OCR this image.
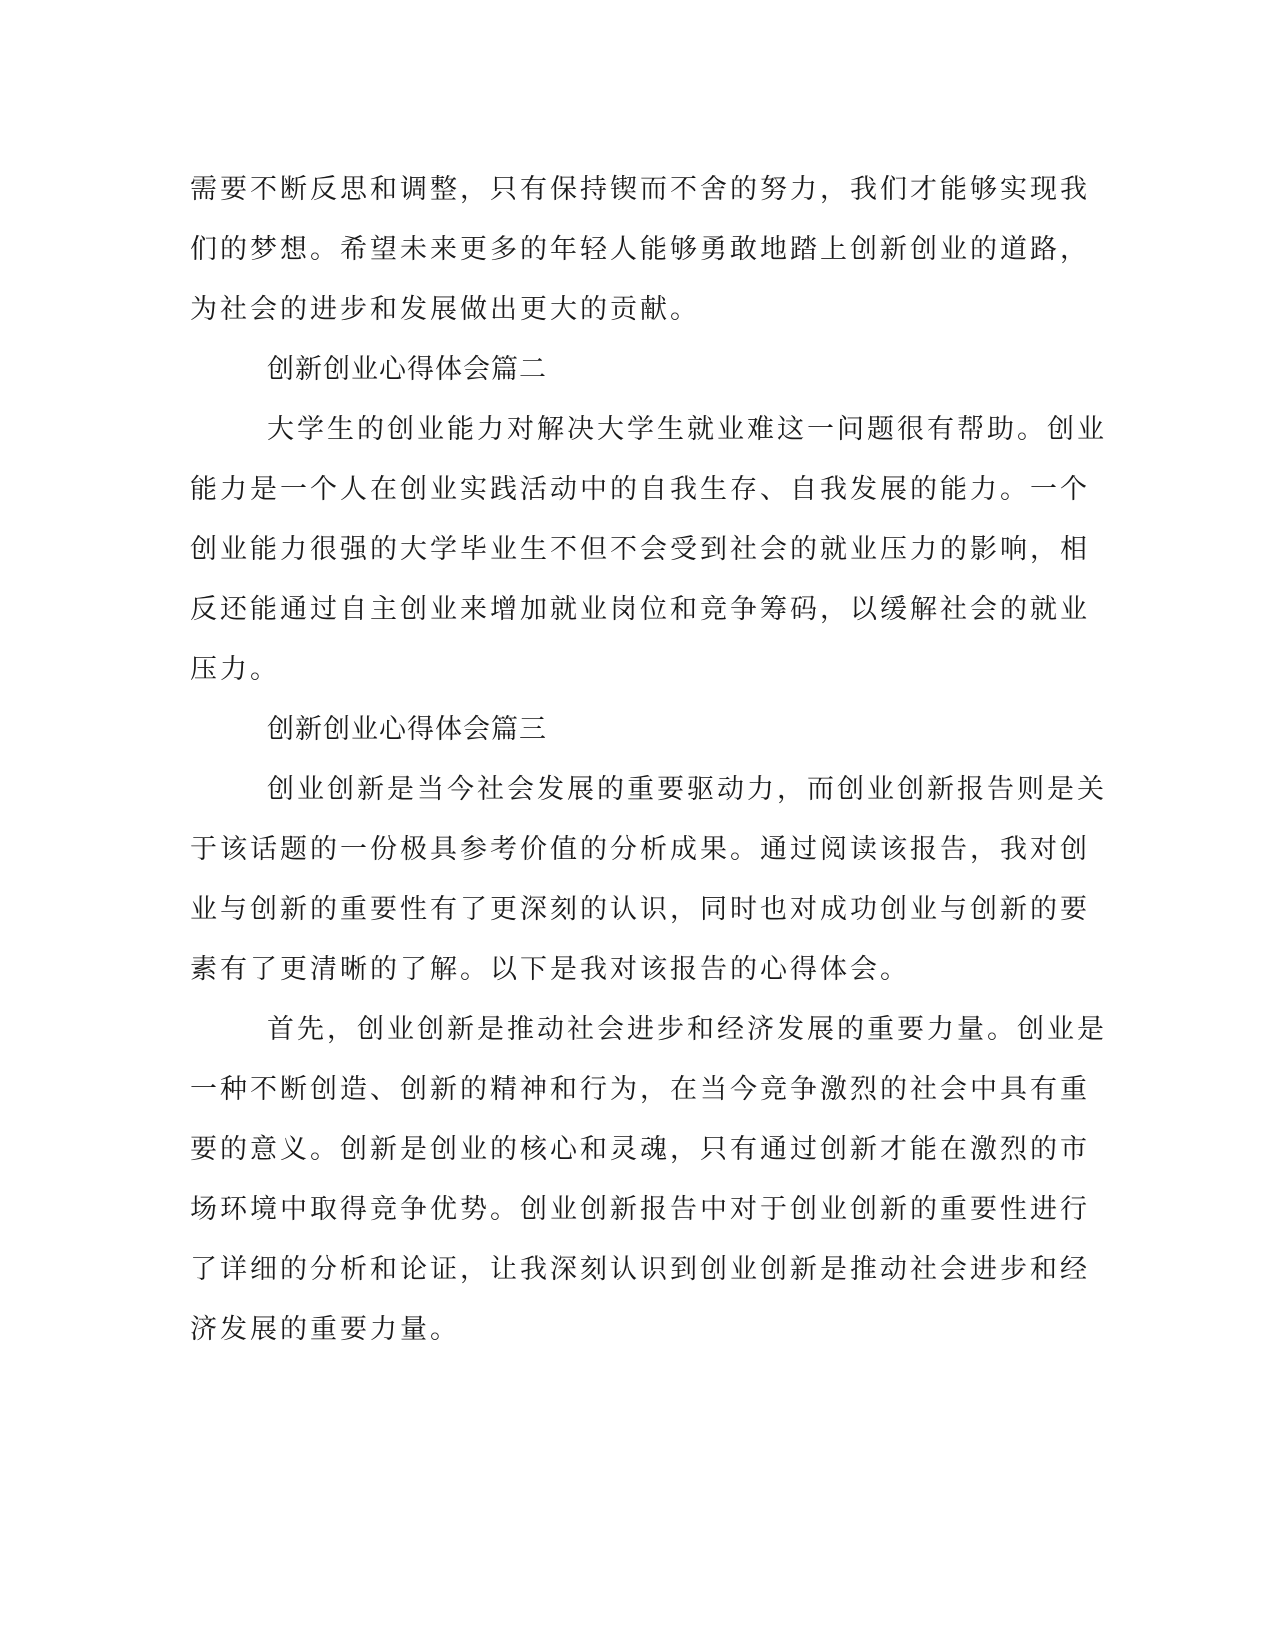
需要不断反思和调整，只有保持锲而不舍的努力，我们才能够实现我
们的梦想。希望未来更多的年轻人能够勇敢地踏上创新创业的道路，
为社会的进步和发展做出更大的贡献。
创新创业心得体会篇二
大学生的创业能力对解决大学生就业难这一问题很有帮助。创业
能力是一个人在创业实践活动中的自我生存、自我发展的能力。一个
创业能力很强的大学毕业生不但不会受到社会的就业压力的影响，相
反还能通过自主创业来增加就业岗位和竞争筹码，以缓解社会的就业
压力。
创新创业心得体会篇三
创业创新是当今社会发展的重要驱动力，而创业创新报告则是关
于该话题的一份极具参考价值的分析成果。通过阅读该报告，我对创
业与创新的重要性有了更深刻的认识，同时也对成功创业与创新的要
素有了更清晰的了解。以下是我对该报告的心得体会。
首先，创业创新是推动社会进步和经济发展的重要力量。创业是
一种不断创造、创新的精神和行为，在当今竞争激烈的社会中具有重
要的意义。创新是创业的核心和灵魂，只有通过创新才能在激烈的市
场环境中取得竞争优势。创业创新报告中对于创业创新的重要性进行
了详细的分析和论证，让我深刻认识到创业创新是推动社会进步和经
济发展的重要力量。
